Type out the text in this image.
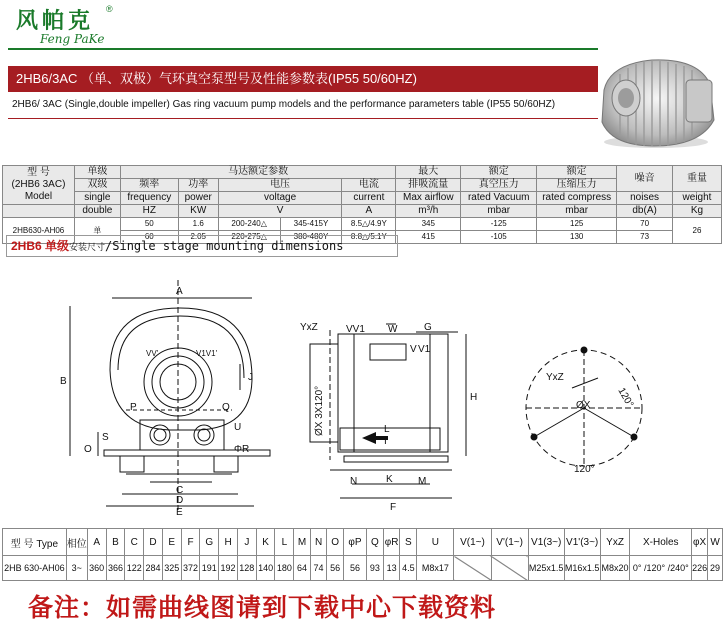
风帕克 ®
Feng PaKe
2HB6/3AC （单、双极）气环真空泵型号及性能参数表(IP55 50/60HZ)
2HB6/ 3AC (Single,double impeller) Gas ring vacuum pump models and the performance parameters table (IP55 50/60HZ)
型 号
(2HB6 3AC)
Model	单级	马达额定参数					最大	额定	额定	噪音	重量
	双级	频率	功率	电压		电流	排吸流量	真空压力	压缩压力		
	single	frequency	power	voltage		current	Max airflow	rated Vacuum	rated compress	noises	weight
	double	HZ	KW	V		A	m³/h	mbar	mbar	db(A)	Kg
2HB630-AH06	单	50	1.6	200-240△	345-415Y	8.5△/4.9Y	345	-125	125	70	26
		60	2.05	220-275△	380-480Y	8.8△/5.1Y	415	-105	130	73	
2HB6 单级安装尺寸/Single stage mounting dimensions
A
B
C
D
E
J
O
S
P	Q
U
ΦR
VV'	V1V1'
YxZ	VV1 W
V V1
G
H
L
I
N	K	M
F
ØX 3X120°
YxZ
120°
120°
ØX
型 号 Type	相位	A	B	C	D	E	F	G	H	J	K	L	M	N	O	φP	Q	φR	S	U	V(1~)	V'(1~)	V1(3~)	V1'(3~)	YxZ	X-Holes	φX	W
2HB 630-AH06	3~	360	366	122	284	325	372	191	192	128	140	180	64	74	56	56	93	13	4.5	M8x17			M25x1.5	M16x1.5	M8x20	0° /120° /240°	226	29
备注：如需曲线图请到下载中心下载资料
